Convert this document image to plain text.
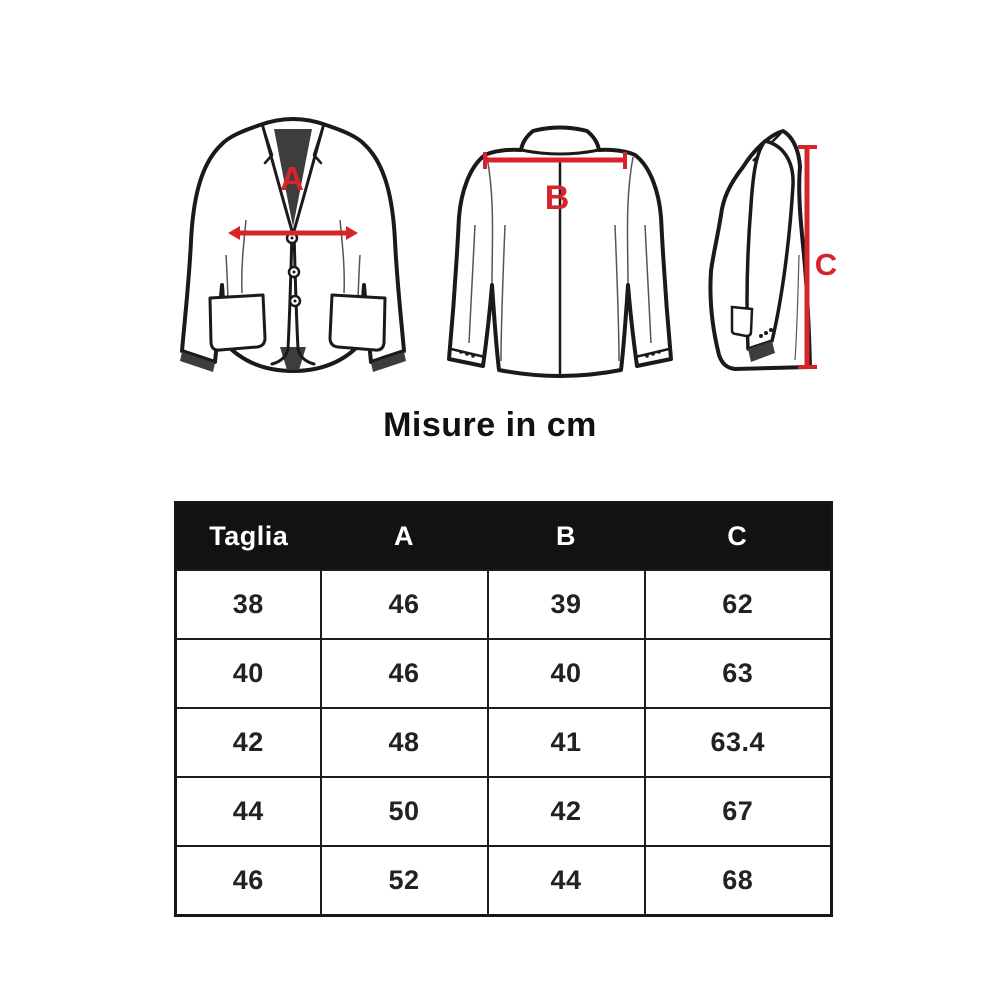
A
B
C
Misure in cm
Taglia	A	B	C
38	46	39	62
40	46	40	63
42	48	41	63.4
44	50	42	67
46	52	44	68
